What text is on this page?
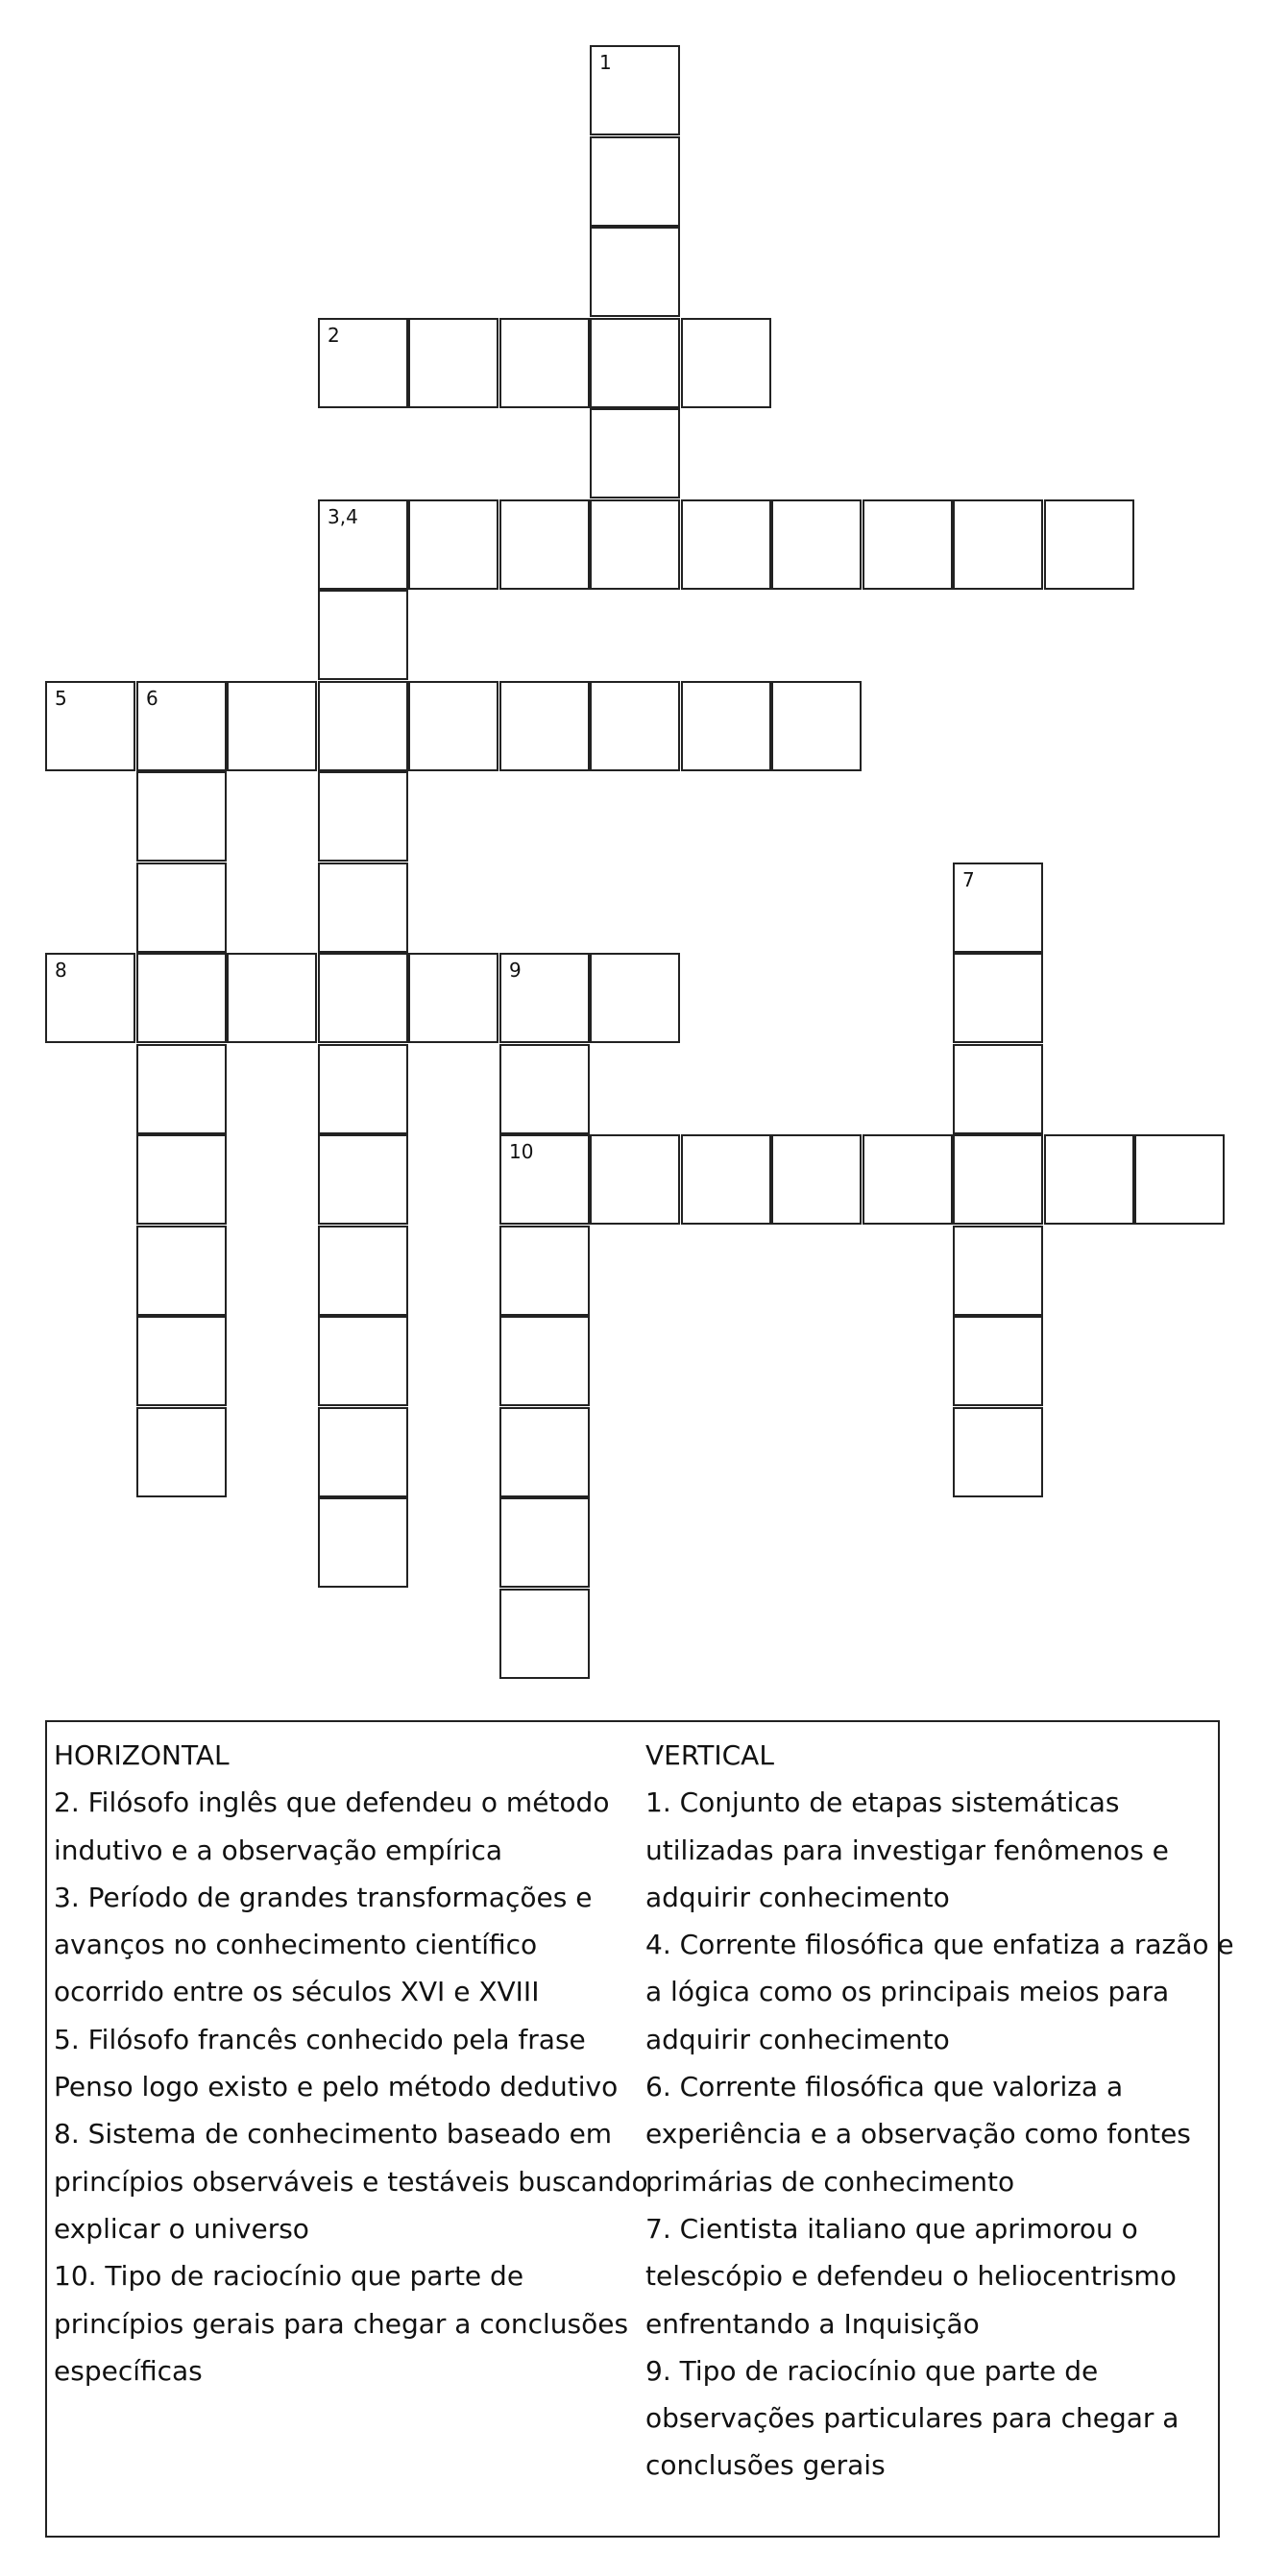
1
2
3,4
5	6
7
8	9
10
HORIZONTAL
2. Filósofo inglês que defendeu o método
indutivo e a observação empírica
3. Período de grandes transformações e
avanços no conhecimento científico
ocorrido entre os séculos XVI e XVIII
5. Filósofo francês conhecido pela frase
Penso logo existo e pelo método dedutivo
8. Sistema de conhecimento baseado em
princípios observáveis e testáveis buscando
explicar o universo
10. Tipo de raciocínio que parte de
princípios gerais para chegar a conclusões
específicas
VERTICAL
1. Conjunto de etapas sistemáticas
utilizadas para investigar fenômenos e
adquirir conhecimento
4. Corrente filosófica que enfatiza a razão e
a lógica como os principais meios para
adquirir conhecimento
6. Corrente filosófica que valoriza a
experiência e a observação como fontes
primárias de conhecimento
7. Cientista italiano que aprimorou o
telescópio e defendeu o heliocentrismo
enfrentando a Inquisição
9. Tipo de raciocínio que parte de
observações particulares para chegar a
conclusões gerais
